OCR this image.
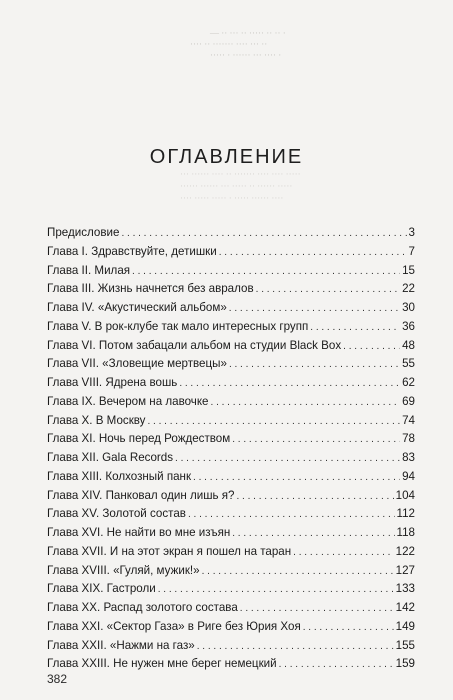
— ·· ··· ·· ····· ·· ·· ·
···· ·· ······· ···· ··· ··
····· · ······ ··· ···· ·
··· ······ ···· ·· ······· ···· ···· ·····
······ ······ ··· ····· ·· ······ ·····
···· ····· ····· · ····· ······ ····
ОГЛАВЛЕНИЕ
Предисловие . . .	3
Глава I. Здравствуйте, детишки . . .	7
Глава II. Милая . . .	15
Глава III. Жизнь начнется без авралов . . .	22
Глава IV. «Акустический альбом» . . .	30
Глава V. В рок-клубе так мало интересных групп . . .	36
Глава VI. Потом забацали альбом на студии Black Box . . .	48
Глава VII. «Зловещие мертвецы» . . .	55
Глава VIII. Ядрена вошь . . .	62
Глава IX. Вечером на лавочке . . .	69
Глава X. В Москву . . .	74
Глава XI. Ночь перед Рождеством . . .	78
Глава XII. Gala Records . . .	83
Глава XIII. Колхозный панк . . .	94
Глава XIV. Панковал один лишь я? . . .	104
Глава XV. Золотой состав . . .	112
Глава XVI. Не найти во мне изъян . . .	118
Глава XVII. И на этот экран я пошел на таран . . .	122
Глава XVIII. «Гуляй, мужик!» . . .	127
Глава XIX. Гастроли . . .	133
Глава XX. Распад золотого состава . . .	142
Глава XXI. «Сектор Газа» в Риге без Юрия Хоя . . .	149
Глава XXII. «Нажми на газ» . . .	155
Глава XXIII. Не нужен мне берег немецкий . . .	159
382
